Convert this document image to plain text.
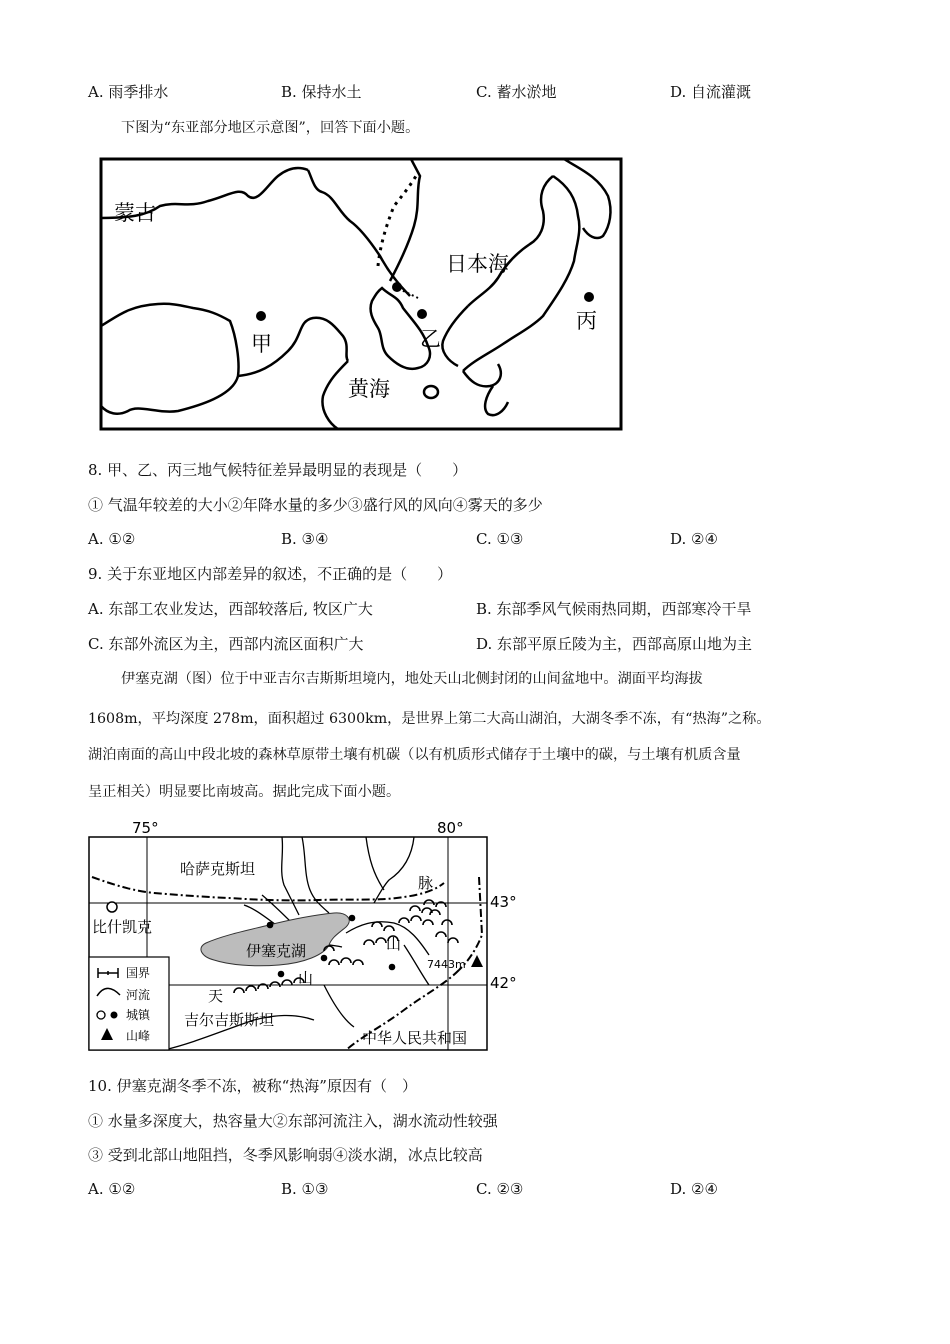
A. 雨季排水	B. 保持水土	C. 蓄水淤地	D. 自流灌溉
下图为“东亚部分地区示意图”，回答下面小题。
蒙古
日本海
黄海
甲	乙
丙
8. 甲、乙、丙三地气候特征差异最明显的表现是（　　）
① 气温年较差的大小②年降水量的多少③盛行风的风向④雾天的多少
A. ①②	B. ③④	C. ①③	D. ②④
9. 关于东亚地区内部差异的叙述，不正确的是（　　）
A. 东部工农业发达，西部较落后, 牧区广大	B. 东部季风气候雨热同期，西部寒冷干旱
C. 东部外流区为主，西部内流区面积广大	D. 东部平原丘陵为主，西部高原山地为主
伊塞克湖（图）位于中亚吉尔吉斯斯坦境内，地处天山北侧封闭的山间盆地中。湖面平均海拔
1608m，平均深度 278m，面积超过 6300km，是世界上第二大高山湖泊，大湖冬季不冻，有“热海”之称。
湖泊南面的高山中段北坡的森林草原带土壤有机碳（以有机质形式储存于土壤中的碳，与土壤有机质含量
呈正相关）明显要比南坡高。据此完成下面小题。
75°	80°
哈萨克斯坦
比什凯克
伊塞克湖
吉尔吉斯斯坦
中华人民共和国
7443m
天
山
山
脉
43°
42°
国界
河流
城镇
山峰
10. 伊塞克湖冬季不冻，被称“热海”原因有（　）
① 水量多深度大，热容量大②东部河流注入，湖水流动性较强
③ 受到北部山地阻挡，冬季风影响弱④淡水湖，冰点比较高
A. ①②	B. ①③	C. ②③	D. ②④
